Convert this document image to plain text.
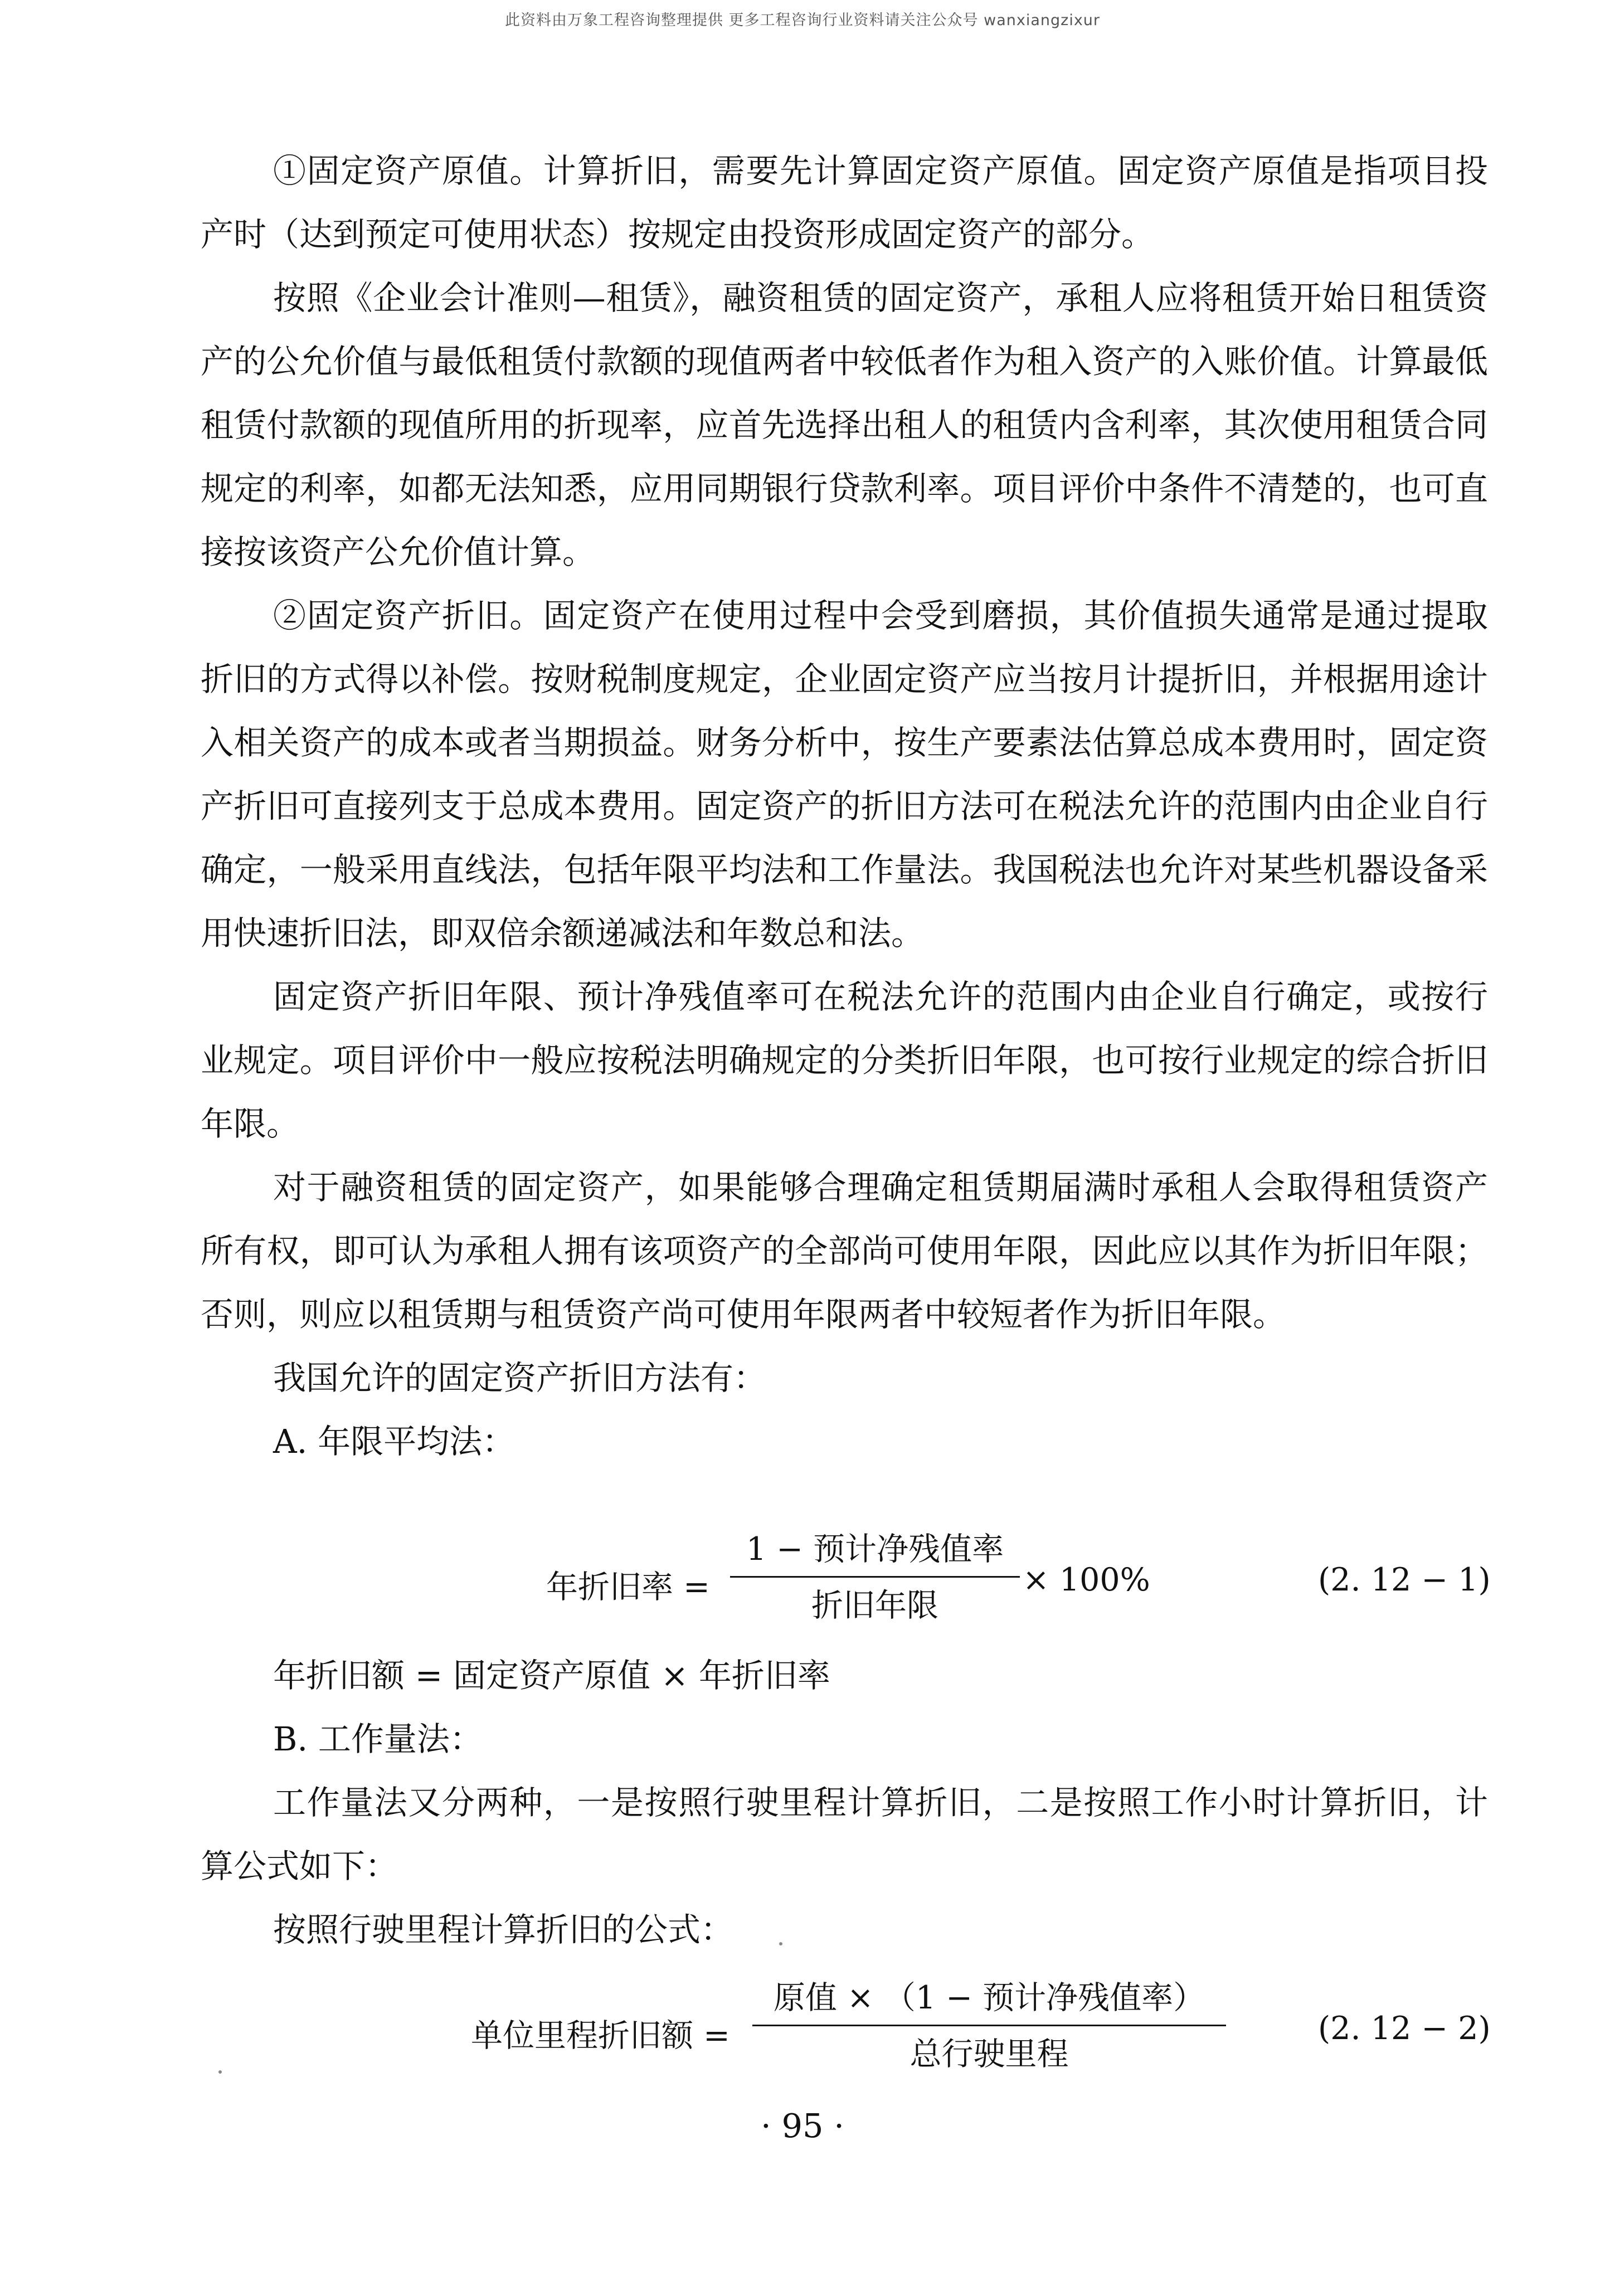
此资料由万象工程咨询整理提供 更多工程咨询行业资料请关注公众号 wanxiangzixur

①固定资产原值。计算折旧，需要先计算固定资产原值。固定资产原值是指项目投产时（达到预定可使用状态）按规定由投资形成固定资产的部分。

按照《企业会计准则—租赁》，融资租赁的固定资产，承租人应将租赁开始日租赁资产的公允价值与最低租赁付款额的现值两者中较低者作为租入资产的入账价值。计算最低租赁付款额的现值所用的折现率，应首先选择出租人的租赁内含利率，其次使用租赁合同规定的利率，如都无法知悉，应用同期银行贷款利率。项目评价中条件不清楚的，也可直接按该资产公允价值计算。

②固定资产折旧。固定资产在使用过程中会受到磨损，其价值损失通常是通过提取折旧的方式得以补偿。按财税制度规定，企业固定资产应当按月计提折旧，并根据用途计入相关资产的成本或者当期损益。财务分析中，按生产要素法估算总成本费用时，固定资产折旧可直接列支于总成本费用。固定资产的折旧方法可在税法允许的范围内由企业自行确定，一般采用直线法，包括年限平均法和工作量法。我国税法也允许对某些机器设备采用快速折旧法，即双倍余额递减法和年数总和法。

固定资产折旧年限、预计净残值率可在税法允许的范围内由企业自行确定，或按行业规定。项目评价中一般应按税法明确规定的分类折旧年限，也可按行业规定的综合折旧年限。

对于融资租赁的固定资产，如果能够合理确定租赁期届满时承租人会取得租赁资产所有权，即可认为承租人拥有该项资产的全部尚可使用年限，因此应以其作为折旧年限；否则，则应以租赁期与租赁资产尚可使用年限两者中较短者作为折旧年限。

我国允许的固定资产折旧方法有：

A. 年限平均法：

年折旧率 =
1 − 预计净残值率
折旧年限
× 100%	(2. 12 − 1)

年折旧额 = 固定资产原值 × 年折旧率

B. 工作量法：

工作量法又分两种，一是按照行驶里程计算折旧，二是按照工作小时计算折旧，计算公式如下：

按照行驶里程计算折旧的公式：

单位里程折旧额 =
原值 × （1 − 预计净残值率）
总行驶里程
(2. 12 − 2)
· 95 ·
